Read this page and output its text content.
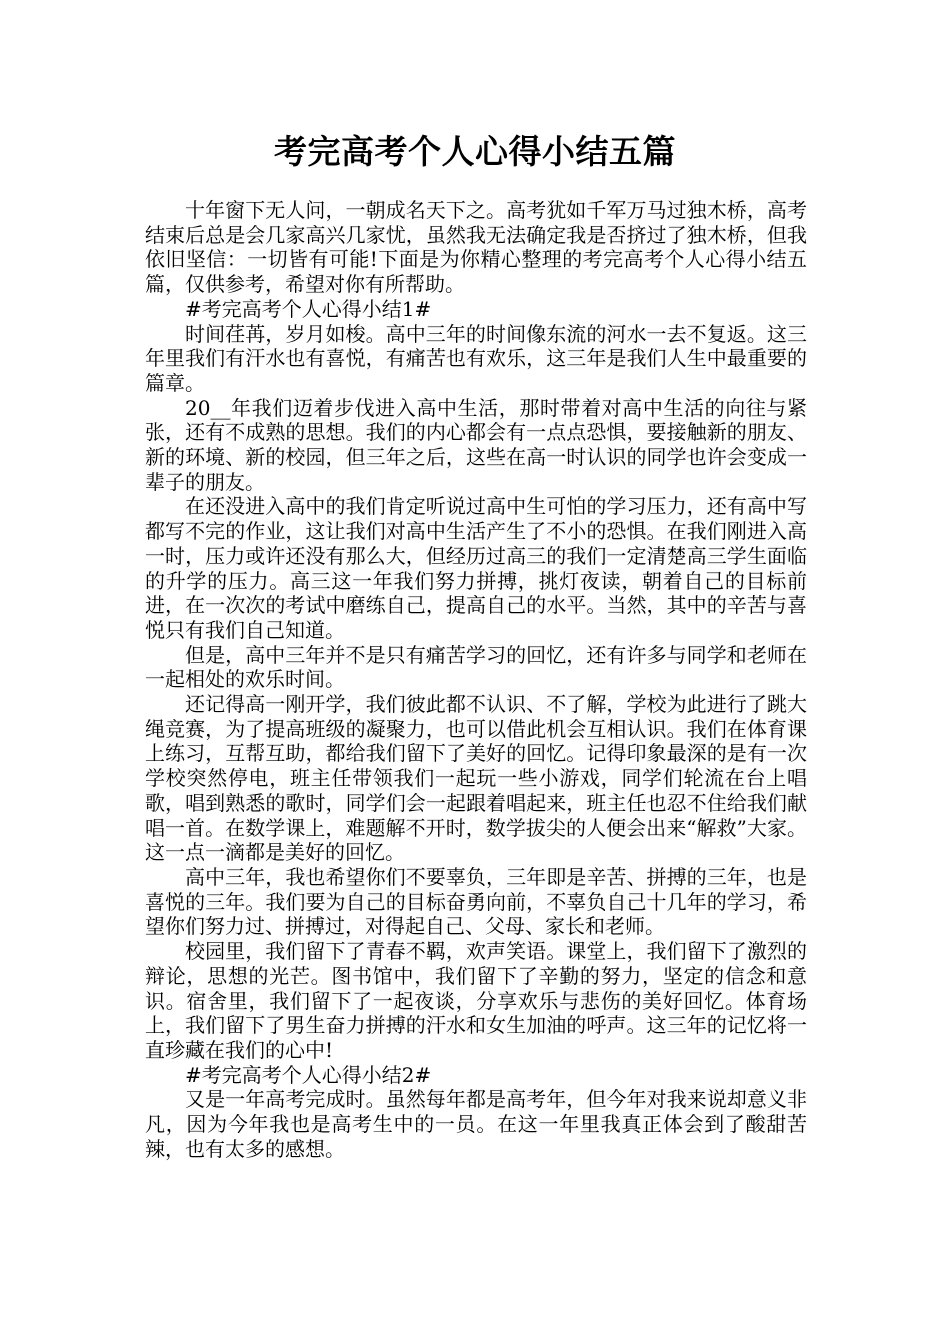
考完高考个人心得小结五篇

十年窗下无人问，一朝成名天下之。高考犹如千军万马过独木桥，高考结束后总是会几家高兴几家忧，虽然我无法确定我是否挤过了独木桥，但我依旧坚信：一切皆有可能!下面是为你精心整理的考完高考个人心得小结五篇，仅供参考，希望对你有所帮助。

#考完高考个人心得小结1#

时间荏苒，岁月如梭。高中三年的时间像东流的河水一去不复返。这三年里我们有汗水也有喜悦，有痛苦也有欢乐，这三年是我们人生中最重要的篇章。

20__年我们迈着步伐进入高中生活，那时带着对高中生活的向往与紧张，还有不成熟的思想。我们的内心都会有一点点恐惧，要接触新的朋友、新的环境、新的校园，但三年之后，这些在高一时认识的同学也许会变成一辈子的朋友。

在还没进入高中的我们肯定听说过高中生可怕的学习压力，还有高中写都写不完的作业，这让我们对高中生活产生了不小的恐惧。在我们刚进入高一时，压力或许还没有那么大，但经历过高三的我们一定清楚高三学生面临的升学的压力。高三这一年我们努力拼搏，挑灯夜读，朝着自己的目标前进，在一次次的考试中磨练自己，提高自己的水平。当然，其中的辛苦与喜悦只有我们自己知道。

但是，高中三年并不是只有痛苦学习的回忆，还有许多与同学和老师在一起相处的欢乐时间。

还记得高一刚开学，我们彼此都不认识、不了解，学校为此进行了跳大绳竞赛，为了提高班级的凝聚力，也可以借此机会互相认识。我们在体育课上练习，互帮互助，都给我们留下了美好的回忆。记得印象最深的是有一次学校突然停电，班主任带领我们一起玩一些小游戏，同学们轮流在台上唱歌，唱到熟悉的歌时，同学们会一起跟着唱起来，班主任也忍不住给我们献唱一首。在数学课上，难题解不开时，数学拔尖的人便会出来“解救”大家。这一点一滴都是美好的回忆。

高中三年，我也希望你们不要辜负，三年即是辛苦、拼搏的三年，也是喜悦的三年。我们要为自己的目标奋勇向前，不辜负自己十几年的学习，希望你们努力过、拼搏过，对得起自己、父母、家长和老师。

校园里，我们留下了青春不羁，欢声笑语。课堂上，我们留下了激烈的辩论，思想的光芒。图书馆中，我们留下了辛勤的努力，坚定的信念和意识。宿舍里，我们留下了一起夜谈，分享欢乐与悲伤的美好回忆。体育场上，我们留下了男生奋力拼搏的汗水和女生加油的呼声。这三年的记忆将一直珍藏在我们的心中!

#考完高考个人心得小结2#

又是一年高考完成时。虽然每年都是高考年，但今年对我来说却意义非凡，因为今年我也是高考生中的一员。在这一年里我真正体会到了酸甜苦辣，也有太多的感想。
